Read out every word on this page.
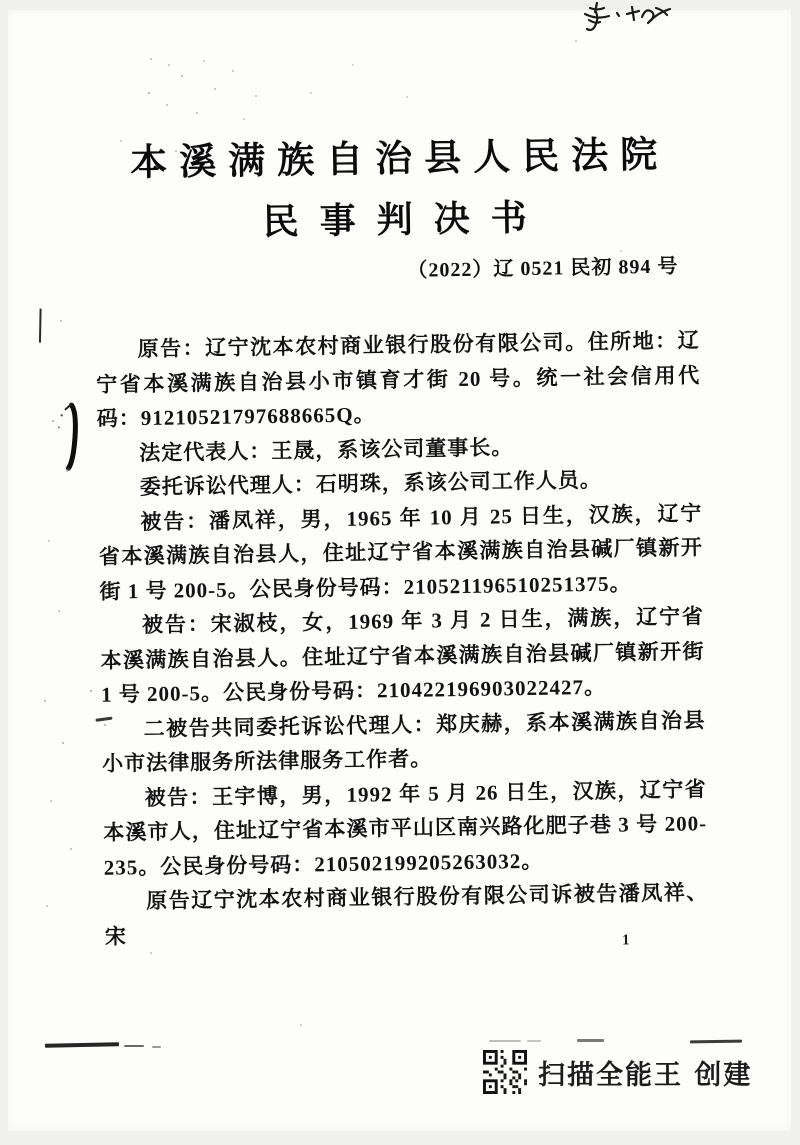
本溪满族自治县人民法院
民事判决书
（2022）辽 0521 民初 894 号

原告：辽宁沈本农村商业银行股份有限公司。住所地：辽宁省本溪满族自治县小市镇育才街 20 号。统一社会信用代码：91210521797688665Q。

法定代表人：王晟，系该公司董事长。

委托诉讼代理人：石明珠，系该公司工作人员。

被告：潘凤祥，男，1965 年 10 月 25 日生，汉族，辽宁省本溪满族自治县人，住址辽宁省本溪满族自治县碱厂镇新开街 1 号 200-5。公民身份号码：210521196510251375。

被告：宋淑枝，女，1969 年 3 月 2 日生，满族，辽宁省本溪满族自治县人。住址辽宁省本溪满族自治县碱厂镇新开街 1 号 200-5。公民身份号码：210422196903022427。

二被告共同委托诉讼代理人：郑庆赫，系本溪满族自治县小市法律服务所法律服务工作者。

被告：王宇博，男，1992 年 5 月 26 日生，汉族，辽宁省本溪市人，住址辽宁省本溪市平山区南兴路化肥子巷 3 号 200-235。公民身份号码：210502199205263032。

原告辽宁沈本农村商业银行股份有限公司诉被告潘凤祥、宋	1
扫描全能王 创建
